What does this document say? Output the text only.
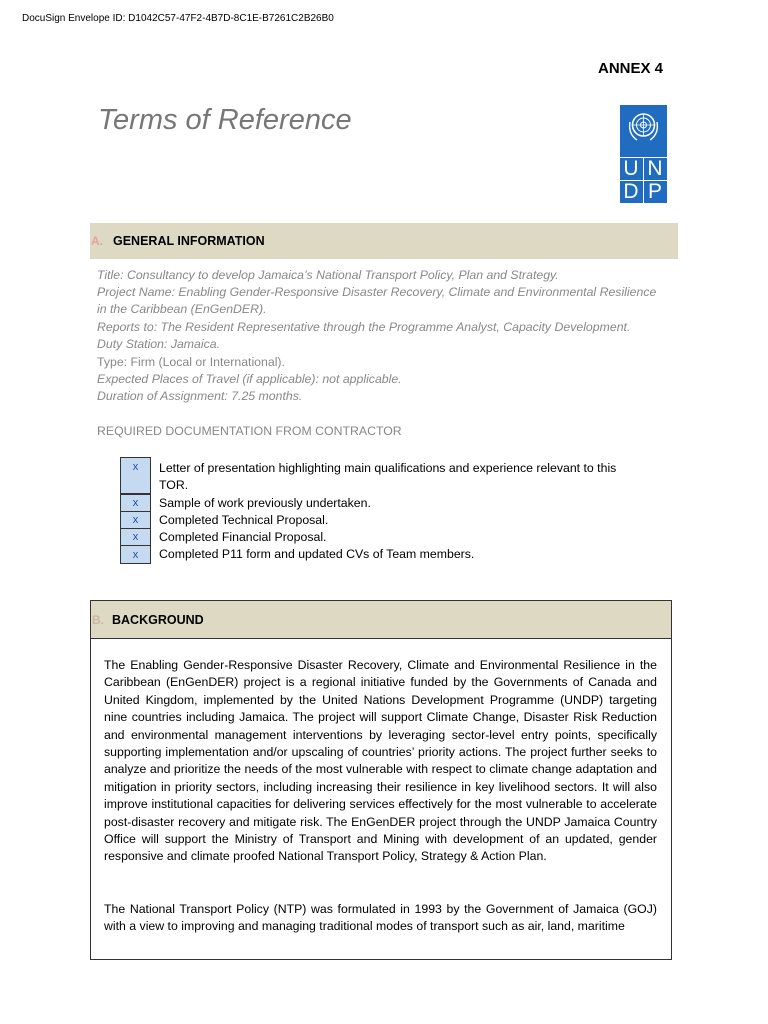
DocuSign Envelope ID: D1042C57-47F2-4B7D-8C1E-B7261C2B26B0
ANNEX 4
Terms of Reference
U N
D P
A. GENERAL INFORMATION
Title: Consultancy to develop Jamaica’s National Transport Policy, Plan and Strategy.
Project Name: Enabling Gender-Responsive Disaster Recovery, Climate and Environmental Resilience
in the Caribbean (EnGenDER).
Reports to: The Resident Representative through the Programme Analyst, Capacity Development.
Duty Station: Jamaica.
Type: Firm (Local or International).
Expected Places of Travel (if applicable): not applicable.
Duration of Assignment: 7.25 months.
REQUIRED DOCUMENTATION FROM CONTRACTOR
x	Letter of presentation highlighting main qualifications and experience relevant to this
TOR.
x	Sample of work previously undertaken.
x	Completed Technical Proposal.
x	Completed Financial Proposal.
x	Completed P11 form and updated CVs of Team members.
B. BACKGROUND
The Enabling Gender-Responsive Disaster Recovery, Climate and Environmental Resilience in the Caribbean (EnGenDER) project is a regional initiative funded by the Governments of Canada and United Kingdom, implemented by the United Nations Development Programme (UNDP) targeting nine countries including Jamaica. The project will support Climate Change, Disaster Risk Reduction and environmental management interventions by leveraging sector-level entry points, specifically supporting implementation and/or upscaling of countries’ priority actions. The project further seeks to analyze and prioritize the needs of the most vulnerable with respect to climate change adaptation and mitigation in priority sectors, including increasing their resilience in key livelihood sectors. It will also improve institutional capacities for delivering services effectively for the most vulnerable to accelerate post-disaster recovery and mitigate risk. The EnGenDER project through the UNDP Jamaica Country Office will support the Ministry of Transport and Mining with development of an updated, gender responsive and climate proofed National Transport Policy, Strategy & Action Plan.
The National Transport Policy (NTP) was formulated in 1993 by the Government of Jamaica (GOJ) with a view to improving and managing traditional modes of transport such as air, land, maritime
